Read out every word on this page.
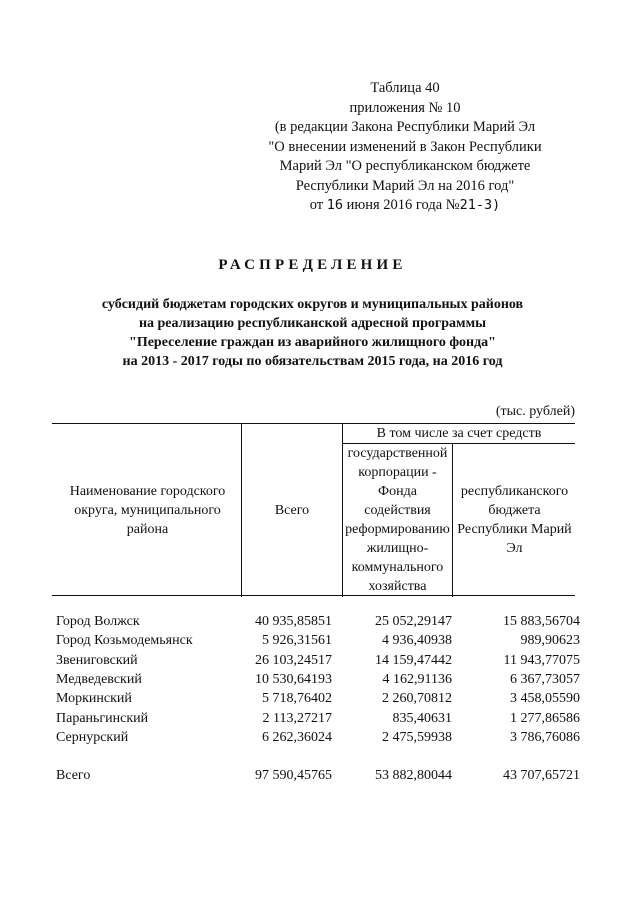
Таблица 40
приложения № 10
(в редакции Закона Республики Марий Эл
"О внесении изменений в Закон Республики
Марий Эл "О республиканском бюджете
Республики Марий Эл на 2016 год"
от 16 июня 2016 года №21-З)
РАСПРЕДЕЛЕНИЕ
субсидий бюджетам городских округов и муниципальных районов
на реализацию республиканской адресной программы
"Переселение граждан из аварийного жилищного фонда"
на 2013 - 2017 годы по обязательствам 2015 года, на 2016 год
(тыс. рублей)
Наименование городского округа, муниципального района
Всего
В том числе за счет средств
государственной корпорации - Фонда содействия реформированию жилищно-коммунального хозяйства
республиканского бюджета Республики Марий Эл
Город Волжск	40 935,85851	25 052,29147	15 883,56704
Город Козьмодемьянск	5 926,31561	4 936,40938	989,90623
Звениговский	26 103,24517	14 159,47442	11 943,77075
Медведевский	10 530,64193	4 162,91136	6 367,73057
Моркинский	5 718,76402	2 260,70812	3 458,05590
Параньгинский	2 113,27217	835,40631	1 277,86586
Сернурский	6 262,36024	2 475,59938	3 786,76086
Всего	97 590,45765	53 882,80044	43 707,65721
